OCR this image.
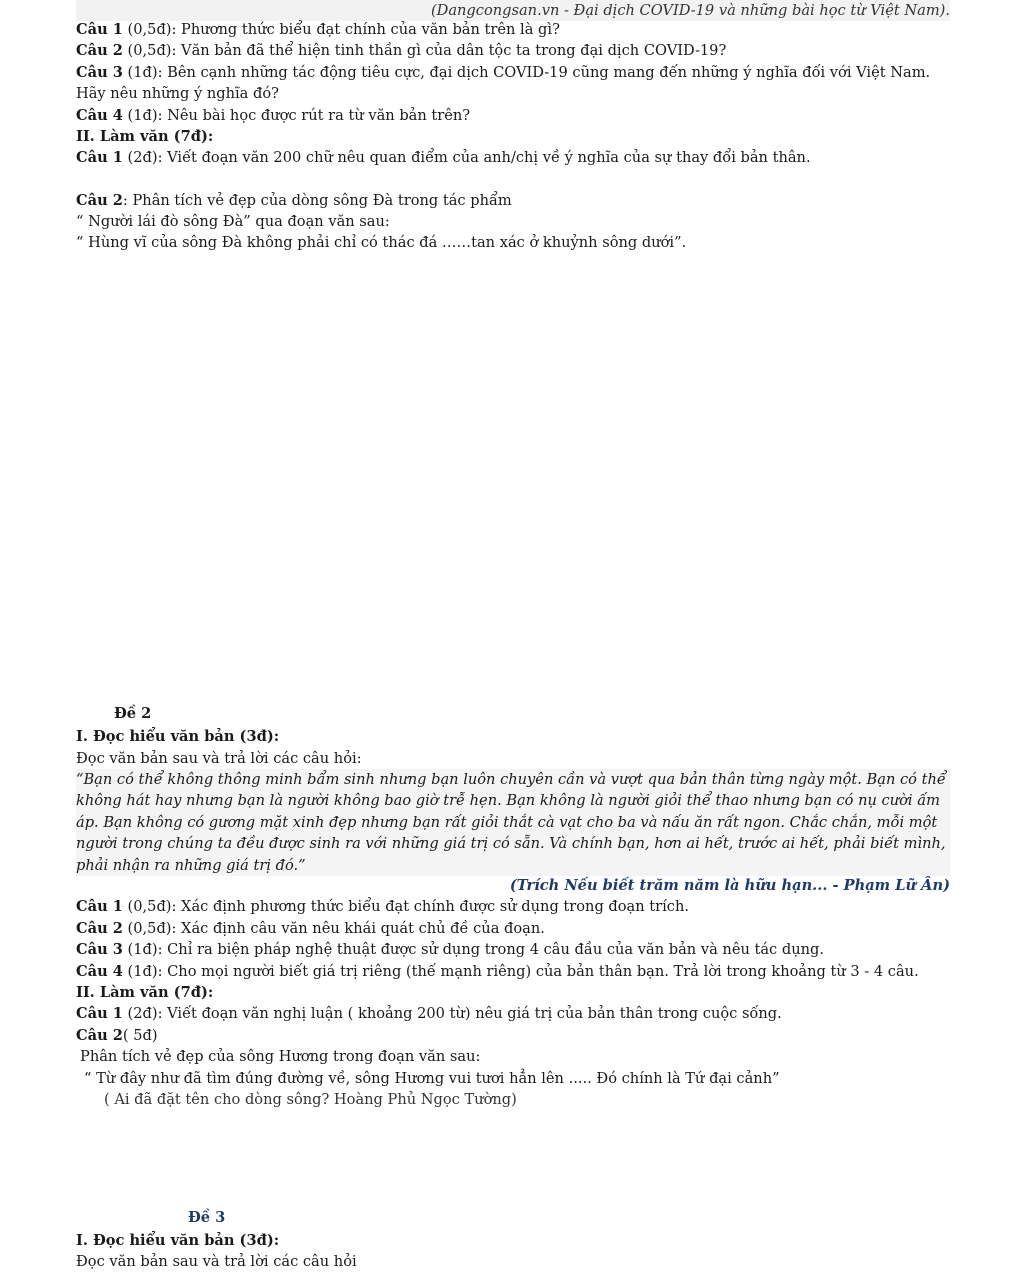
(Dangcongsan.vn - Đại dịch COVID-19 và những bài học từ Việt Nam).
Câu 1 (0,5đ): Phương thức biểu đạt chính của văn bản trên là gì?
Câu 2 (0,5đ): Văn bản đã thể hiện tinh thần gì của dân tộc ta trong đại dịch COVID-19?
Câu 3 (1đ): Bên cạnh những tác động tiêu cực, đại dịch COVID-19 cũng mang đến những ý nghĩa đối với Việt Nam. Hãy nêu những ý nghĩa đó?
Câu 4 (1đ): Nêu bài học được rút ra từ văn bản trên?
II. Làm văn (7đ):
Câu 1 (2đ): Viết đoạn văn 200 chữ nêu quan điểm của anh/chị về ý nghĩa của sự thay đổi bản thân.
Câu 2: Phân tích vẻ đẹp của dòng sông Đà trong tác phẩm
“ Người lái đò sông Đà” qua đoạn văn sau:
“ Hùng vĩ của sông Đà không phải chỉ có thác đá ……tan xác ở khuỷnh sông dưới”.
Đề 2
I. Đọc hiểu văn bản (3đ):
Đọc văn bản sau và trả lời các câu hỏi:
“Bạn có thể không thông minh bẩm sinh nhưng bạn luôn chuyên cần và vượt qua bản thân từng ngày một. Bạn có thể không hát hay nhưng bạn là người không bao giờ trễ hẹn. Bạn không là người giỏi thể thao nhưng bạn có nụ cười ấm áp. Bạn không có gương mặt xinh đẹp nhưng bạn rất giỏi thắt cà vạt cho ba và nấu ăn rất ngon. Chắc chắn, mỗi một người trong chúng ta đều được sinh ra với những giá trị có sẵn. Và chính bạn, hơn ai hết, trước ai hết, phải biết mình, phải nhận ra những giá trị đó.”
(Trích Nếu biết trăm năm là hữu hạn... - Phạm Lữ Ân)
Câu 1 (0,5đ): Xác định phương thức biểu đạt chính được sử dụng trong đoạn trích.
Câu 2 (0,5đ): Xác định câu văn nêu khái quát chủ đề của đoạn.
Câu 3 (1đ): Chỉ ra biện pháp nghệ thuật được sử dụng trong 4 câu đầu của văn bản và nêu tác dụng.
Câu 4 (1đ): Cho mọi người biết giá trị riêng (thế mạnh riêng) của bản thân bạn. Trả lời trong khoảng từ 3 - 4 câu.
II. Làm văn (7đ):
Câu 1 (2đ): Viết đoạn văn nghị luận ( khoảng 200 từ) nêu giá trị của bản thân trong cuộc sống.
Câu 2( 5đ)
Phân tích vẻ đẹp của sông Hương trong đoạn văn sau:
“ Từ đây như đã tìm đúng đường về, sông Hương vui tươi hẳn lên ..... Đó chính là Tứ đại cảnh”
( Ai đã đặt tên cho dòng sông? Hoàng Phủ Ngọc Tường)
Đề 3
I. Đọc hiểu văn bản (3đ):
Đọc văn bản sau và trả lời các câu hỏi
